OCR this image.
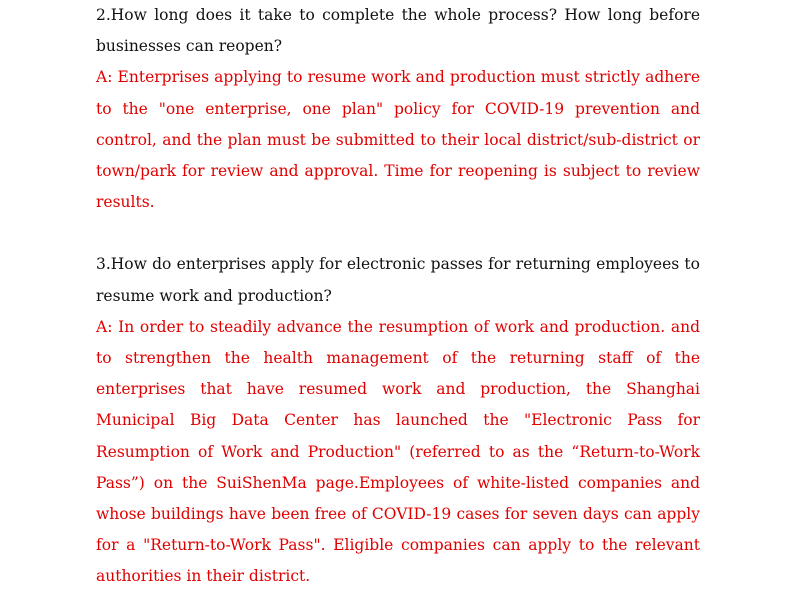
2.How long does it take to complete the whole process? How long before businesses can reopen?

A: Enterprises applying to resume work and production must strictly adhere to the "one enterprise, one plan" policy for COVID-19 prevention and control, and the plan must be submitted to their local district/sub-district or town/park for review and approval. Time for reopening is subject to review results.

3.How do enterprises apply for electronic passes for returning employees to resume work and production?

A: In order to steadily advance the resumption of work and production. and to strengthen the health management of the returning staff of the enterprises that have resumed work and production, the Shanghai Municipal Big Data Center has launched the "Electronic Pass for Resumption of Work and Production" (referred to as the “Return-to-Work Pass”) on the SuiShenMa page.Employees of white-listed companies and whose buildings have been free of COVID-19 cases for seven days can apply for a "Return-to-Work Pass". Eligible companies can apply to the relevant authorities in their district.
